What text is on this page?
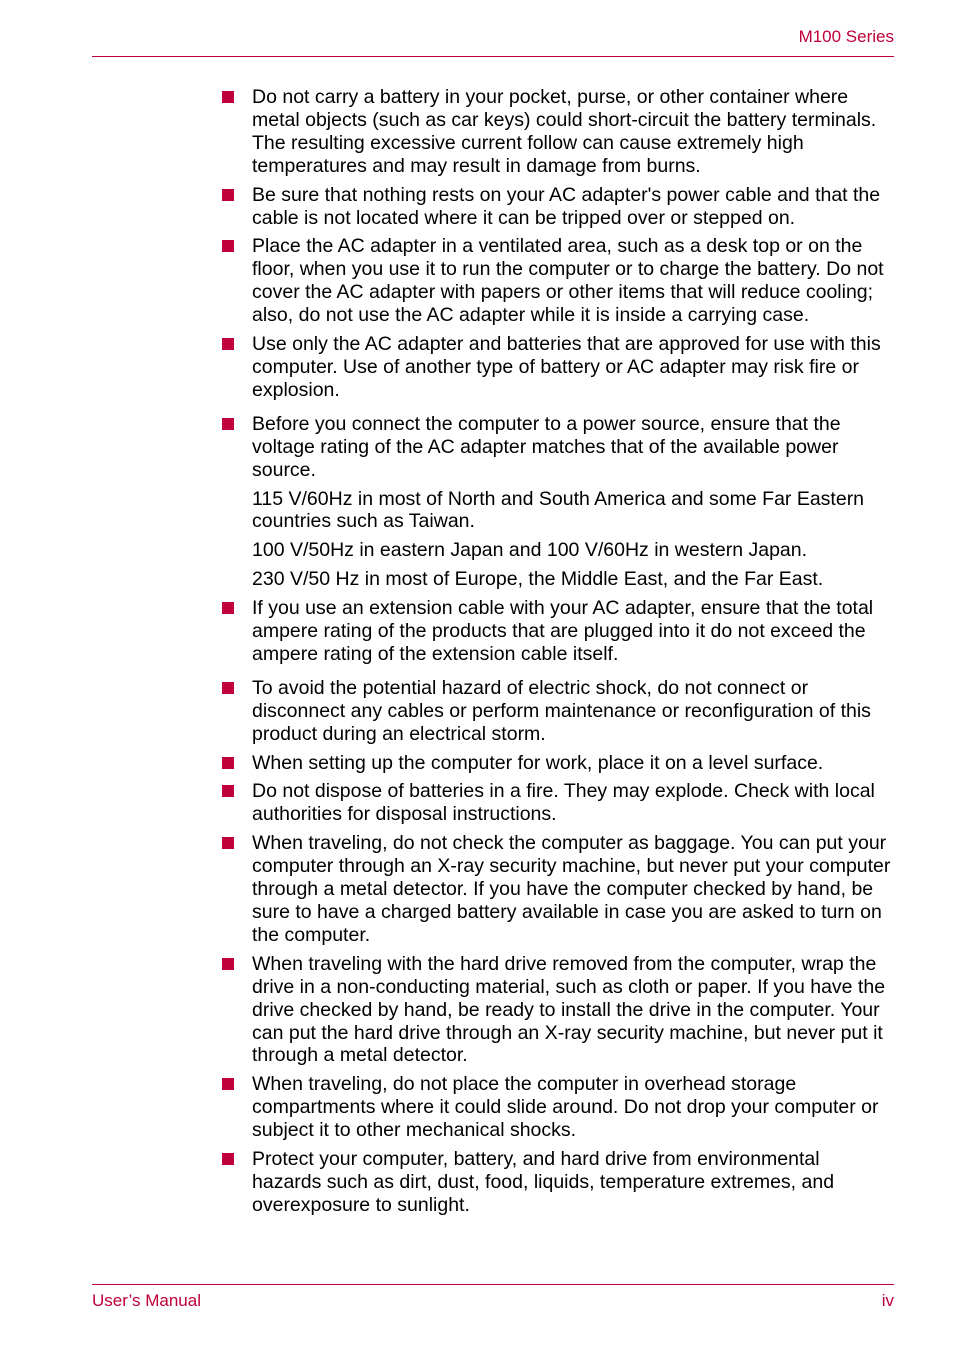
M100 Series
Do not carry a battery in your pocket, purse, or other container where metal objects (such as car keys) could short-circuit the battery terminals. The resulting excessive current follow can cause extremely high temperatures and may result in damage from burns.
Be sure that nothing rests on your AC adapter's power cable and that the cable is not located where it can be tripped over or stepped on.
Place the AC adapter in a ventilated area, such as a desk top or on the floor, when you use it to run the computer or to charge the battery. Do not cover the AC adapter with papers or other items that will reduce cooling; also, do not use the AC adapter while it is inside a carrying case.
Use only the AC adapter and batteries that are approved for use with this computer. Use of another type of battery or AC adapter may risk fire or explosion.
Before you connect the computer to a power source, ensure that the voltage rating of the AC adapter matches that of the available power source.
115 V/60Hz in most of North and South America and some Far Eastern countries such as Taiwan.
100 V/50Hz in eastern Japan and 100 V/60Hz in western Japan.
230 V/50 Hz in most of Europe, the Middle East, and the Far East.
If you use an extension cable with your AC adapter, ensure that the total ampere rating of the products that are plugged into it do not exceed the ampere rating of the extension cable itself.
To avoid the potential hazard of electric shock, do not connect or disconnect any cables or perform maintenance or reconfiguration of this product during an electrical storm.
When setting up the computer for work, place it on a level surface.
Do not dispose of batteries in a fire. They may explode. Check with local authorities for disposal instructions.
When traveling, do not check the computer as baggage. You can put your computer through an X-ray security machine, but never put your computer through a metal detector. If you have the computer checked by hand, be sure to have a charged battery available in case you are asked to turn on the computer.
When traveling with the hard drive removed from the computer, wrap the drive in a non-conducting material, such as cloth or paper. If you have the drive checked by hand, be ready to install the drive in the computer. Your can put the hard drive through an X-ray security machine, but never put it through a metal detector.
When traveling, do not place the computer in overhead storage compartments where it could slide around. Do not drop your computer or subject it to other mechanical shocks.
Protect your computer, battery, and hard drive from environmental hazards such as dirt, dust, food, liquids, temperature extremes, and overexposure to sunlight.
User’s Manual	iv
